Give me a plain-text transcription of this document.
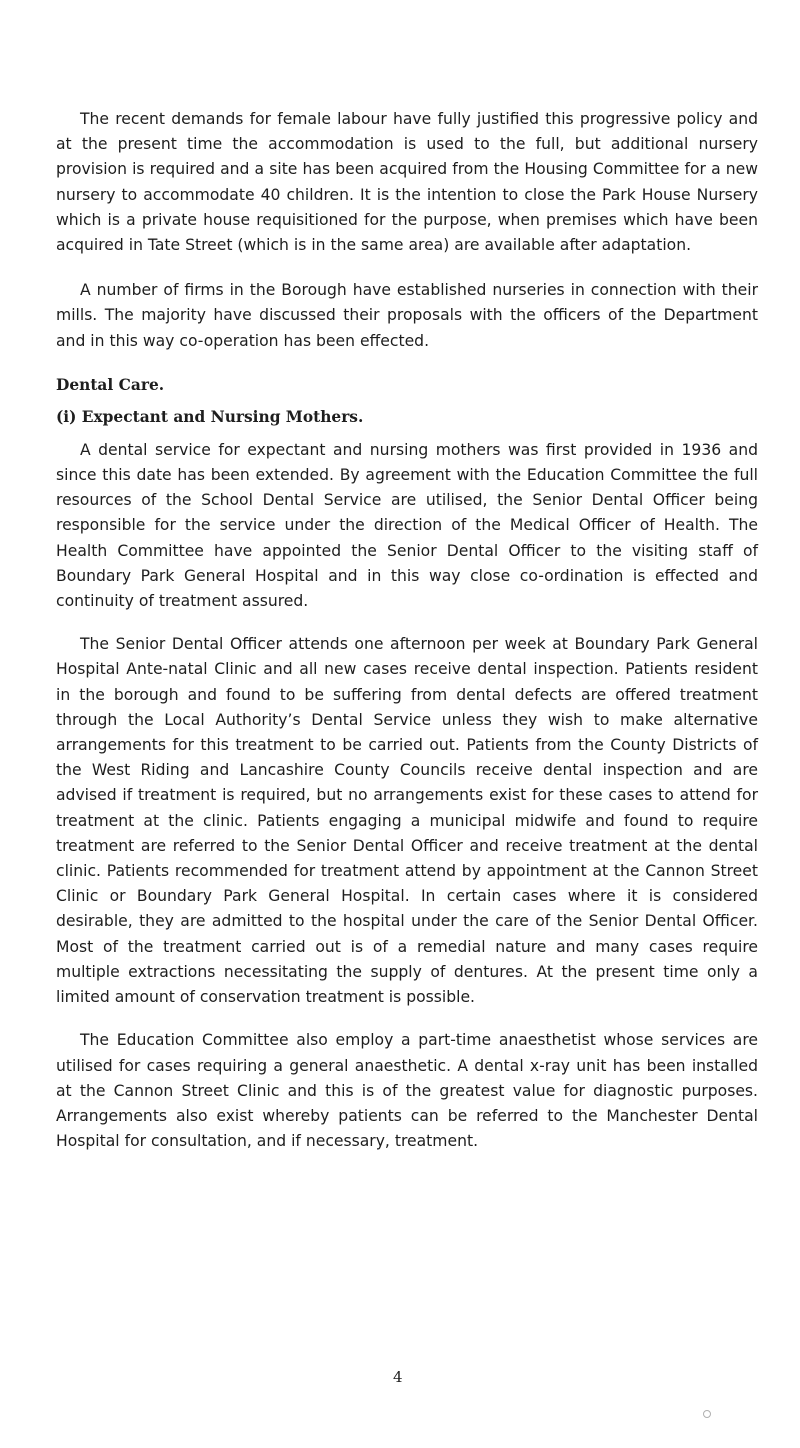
The recent demands for female labour have fully justified this progressive policy and at the present time the accommodation is used to the full, but additional nursery provision is required and a site has been acquired from the Housing Committee for a new nursery to accommodate 40 children. It is the intention to close the Park House Nursery which is a private house requisitioned for the purpose, when premises which have been acquired in Tate Street (which is in the same area) are available after adaptation.

A number of firms in the Borough have established nurseries in connection with their mills. The majority have discussed their proposals with the officers of the Department and in this way co-operation has been effected.

Dental Care.

(i) Expectant and Nursing Mothers.

A dental service for expectant and nursing mothers was first provided in 1936 and since this date has been extended. By agreement with the Education Committee the full resources of the School Dental Service are utilised, the Senior Dental Officer being responsible for the service under the direction of the Medical Officer of Health. The Health Committee have appointed the Senior Dental Officer to the visiting staff of Boundary Park General Hospital and in this way close co-ordination is effected and continuity of treatment assured.

The Senior Dental Officer attends one afternoon per week at Boundary Park General Hospital Ante-natal Clinic and all new cases receive dental inspection. Patients resident in the borough and found to be suffering from dental defects are offered treatment through the Local Authority’s Dental Service unless they wish to make alternative arrangements for this treatment to be carried out. Patients from the County Districts of the West Riding and Lancashire County Councils receive dental inspection and are advised if treatment is required, but no arrangements exist for these cases to attend for treatment at the clinic. Patients engaging a municipal midwife and found to require treatment are referred to the Senior Dental Officer and receive treatment at the dental clinic. Patients recommended for treatment attend by appointment at the Cannon Street Clinic or Boundary Park General Hospital. In certain cases where it is considered desirable, they are admitted to the hospital under the care of the Senior Dental Officer. Most of the treatment carried out is of a remedial nature and many cases require multiple extractions necessitating the supply of dentures. At the present time only a limited amount of conservation treatment is possible.

The Education Committee also employ a part-time anaesthetist whose services are utilised for cases requiring a general anaesthetic. A dental x-ray unit has been installed at the Cannon Street Clinic and this is of the greatest value for diagnostic purposes. Arrangements also exist whereby patients can be referred to the Manchester Dental Hospital for consultation, and if necessary, treatment.

4
